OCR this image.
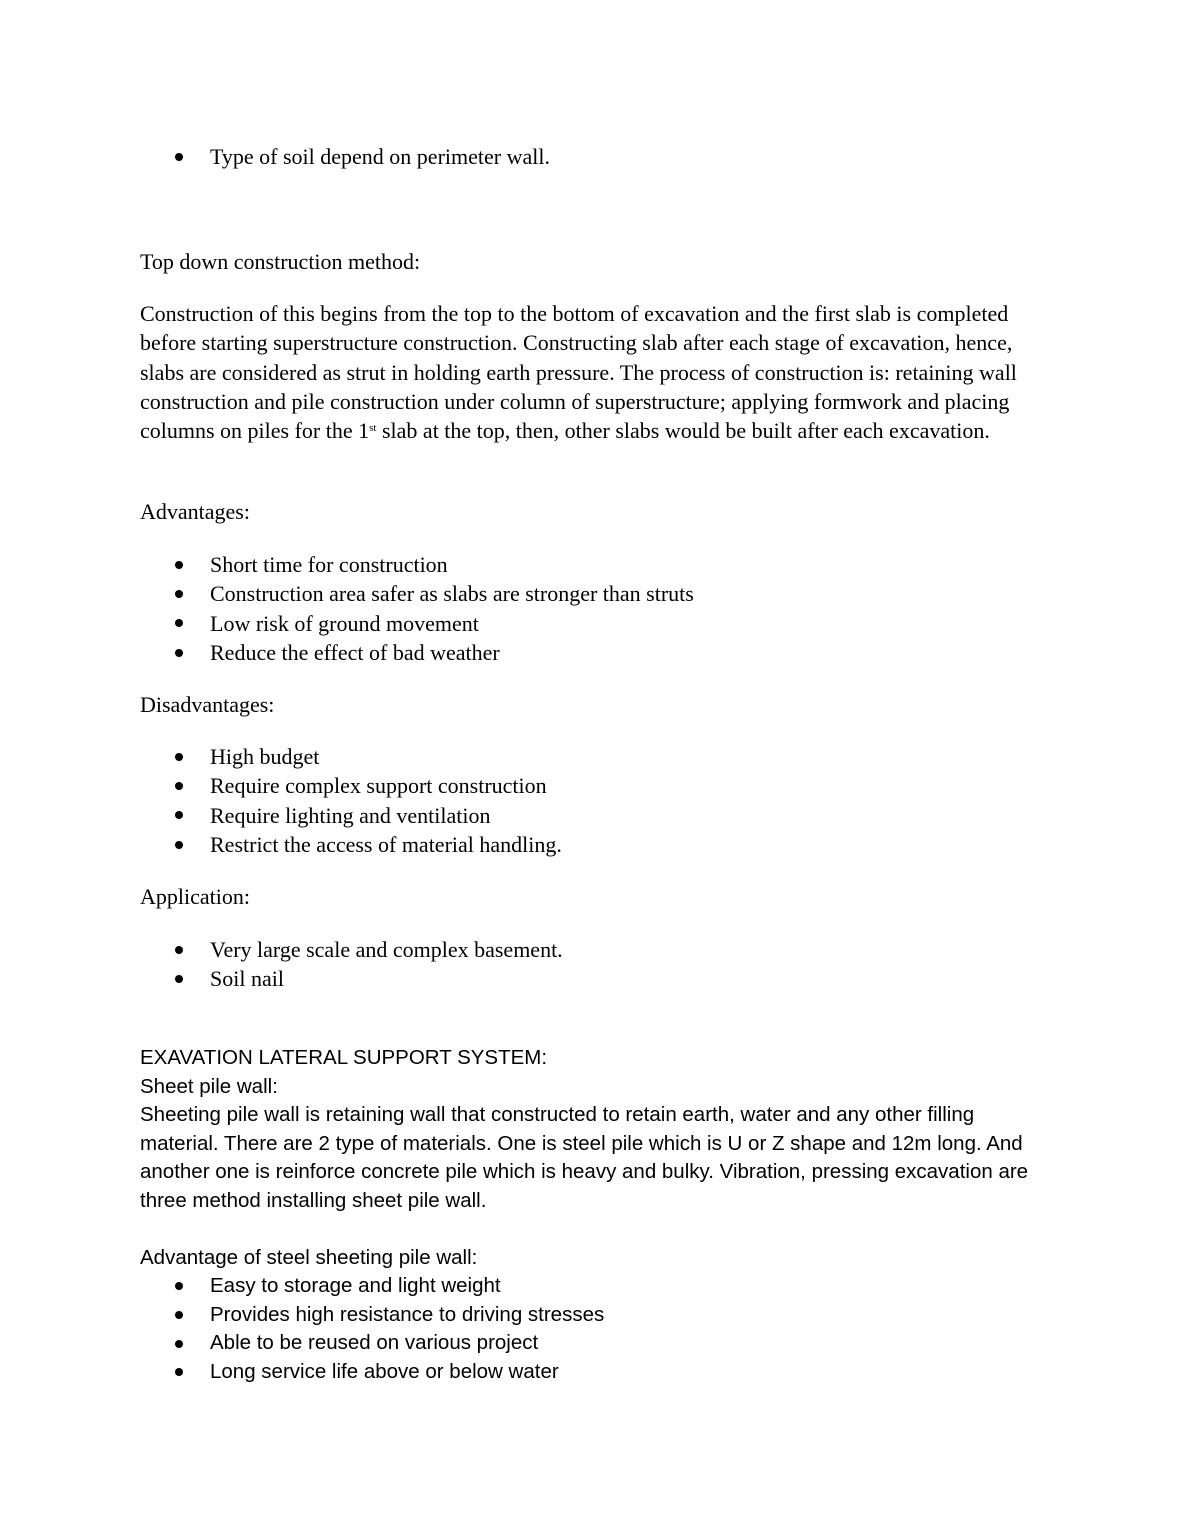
Type of soil depend on perimeter wall.

Top down construction method:

Construction of this begins from the top to the bottom of excavation and the first slab is completed before starting superstructure construction. Constructing slab after each stage of excavation, hence, slabs are considered as strut in holding earth pressure. The process of construction is: retaining wall construction and pile construction under column of superstructure; applying formwork and placing columns on piles for the 1st slab at the top, then, other slabs would be built after each excavation.

Advantages:

Short time for construction
Construction area safer as slabs are stronger than struts
Low risk of ground movement
Reduce the effect of bad weather

Disadvantages:

High budget
Require complex support construction
Require lighting and ventilation
Restrict the access of material handling.

Application:

Very large scale and complex basement.
Soil nail

EXAVATION LATERAL SUPPORT SYSTEM:

Sheet pile wall:

Sheeting pile wall is retaining wall that constructed to retain earth, water and any other filling material. There are 2 type of materials. One is steel pile which is U or Z shape and 12m long. And another one is reinforce concrete pile which is heavy and bulky. Vibration, pressing excavation are three method installing sheet pile wall.

Advantage of steel sheeting pile wall:

Easy to storage and light weight
Provides high resistance to driving stresses
Able to be reused on various project
Long service life above or below water
